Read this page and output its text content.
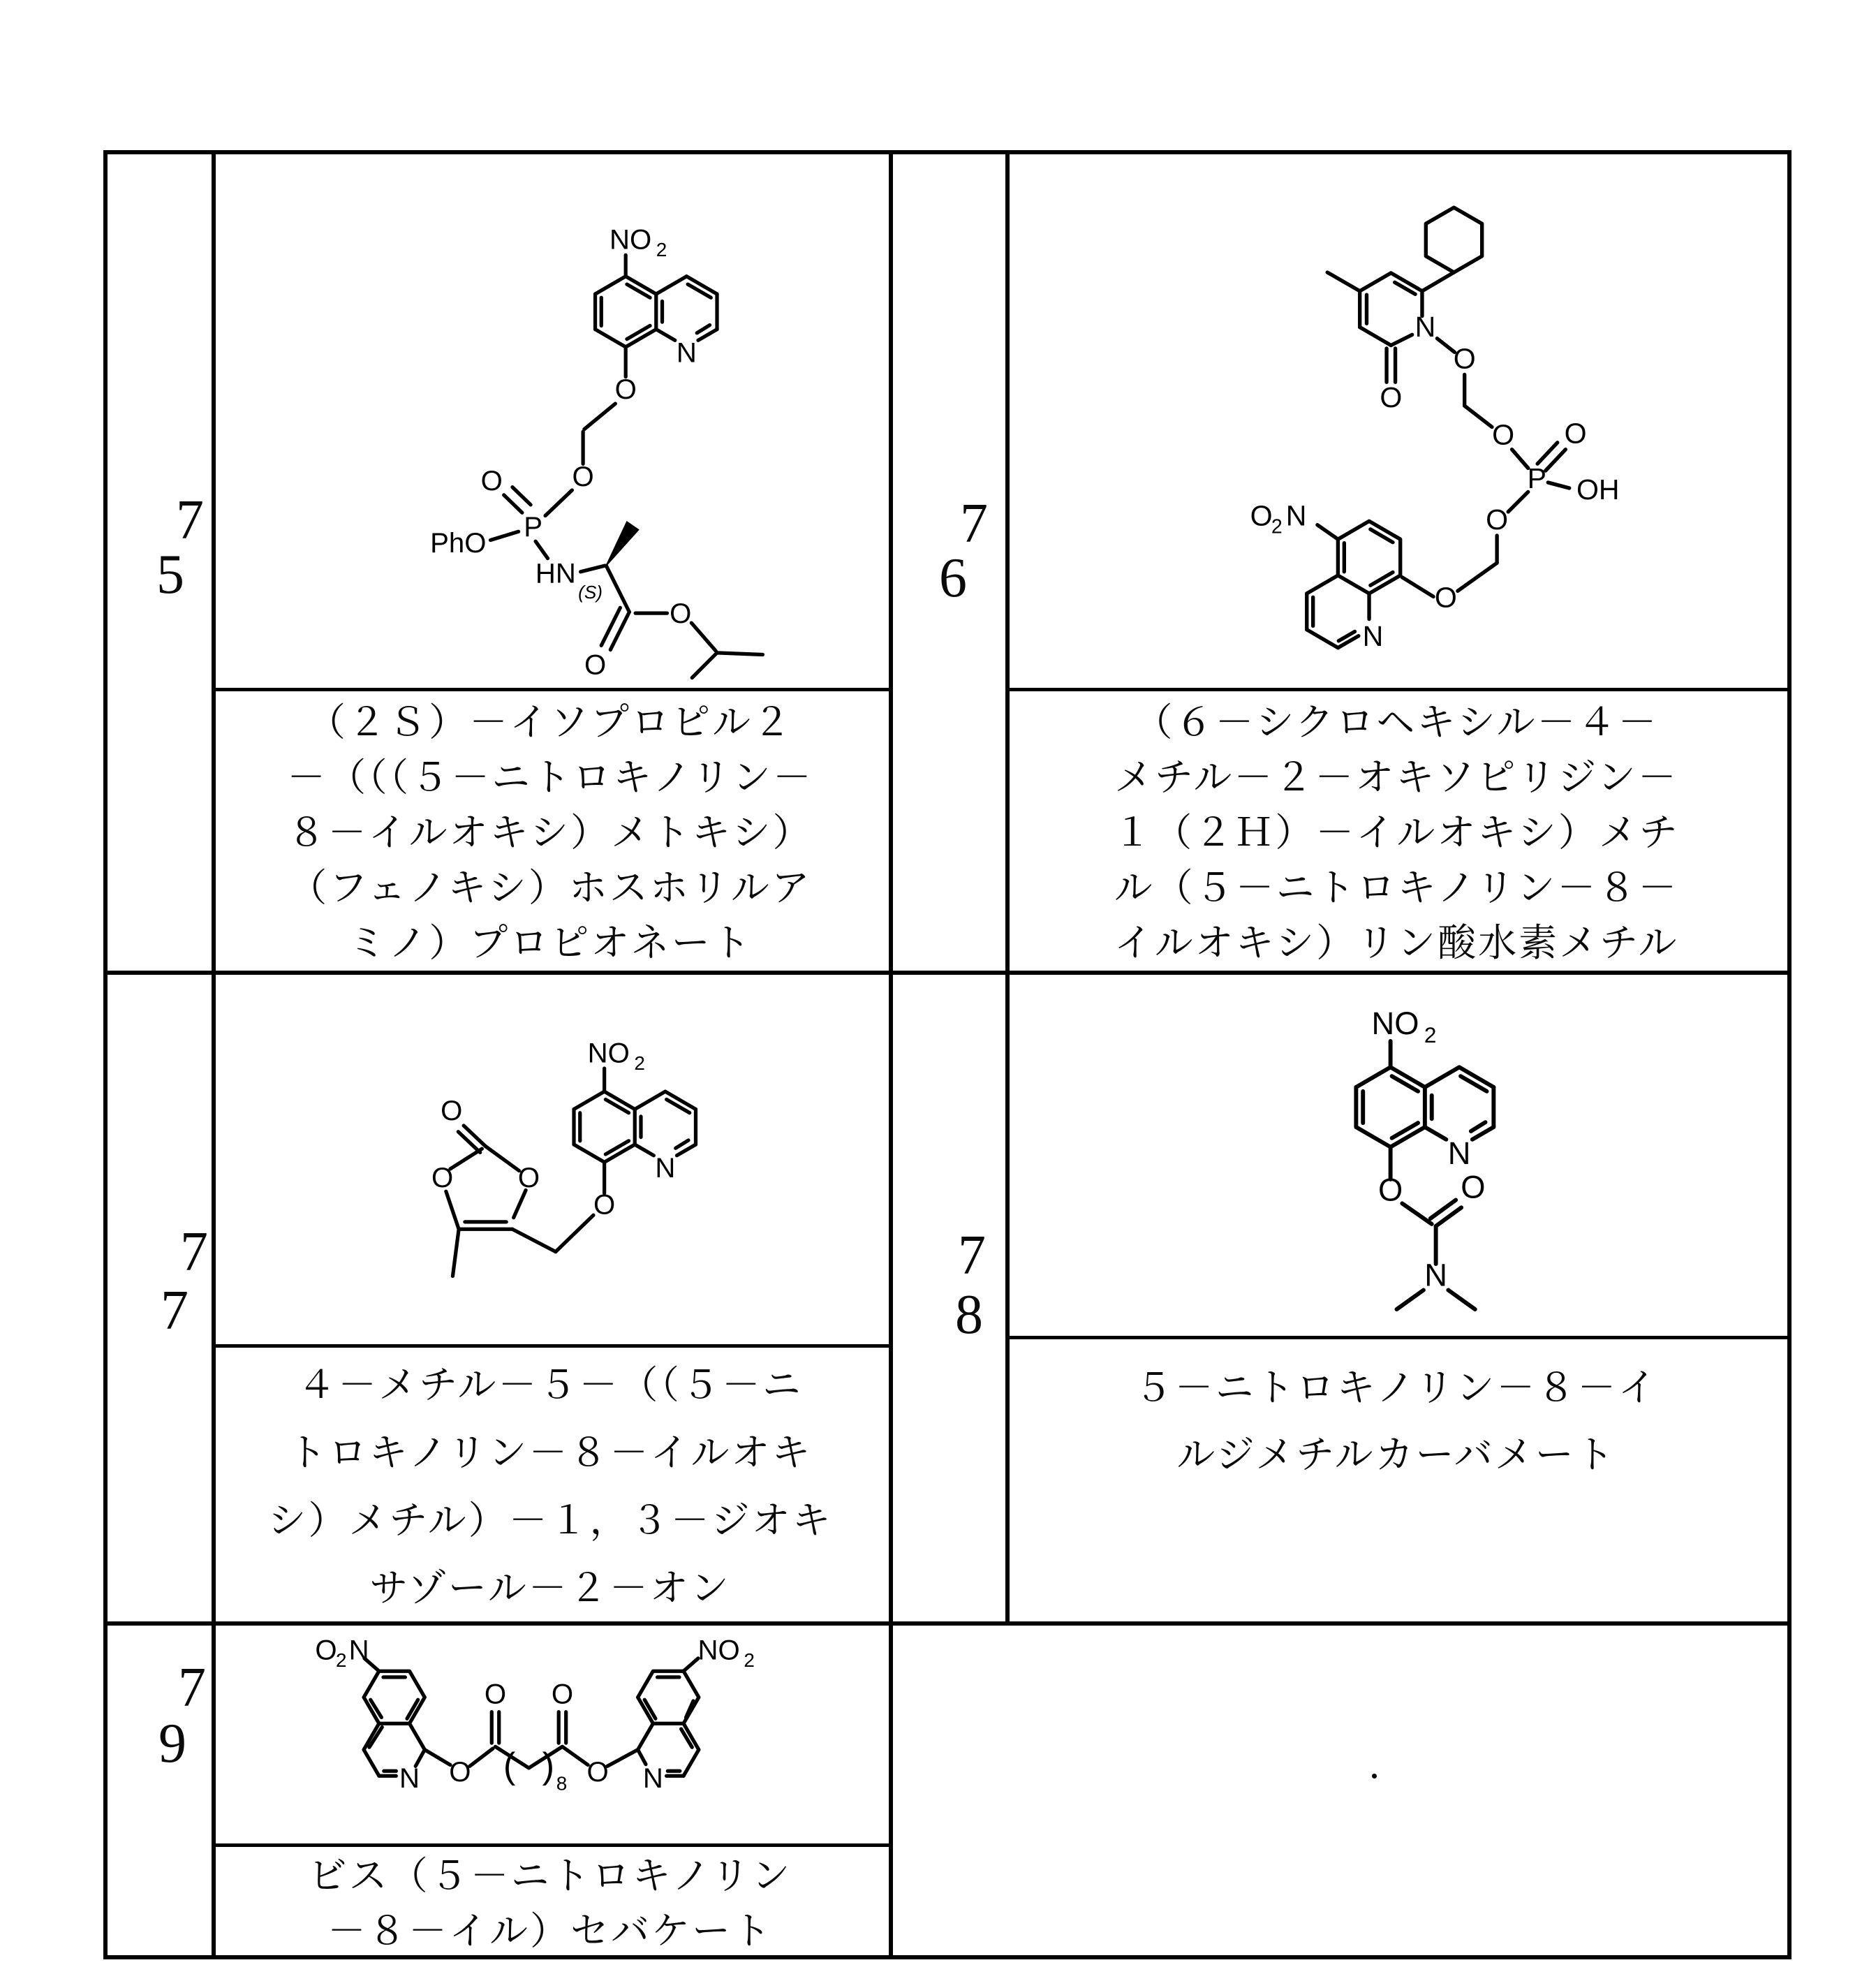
7
5
7
6
7
7
7
8
7
9
NO 2
N
O
O
O
PhO
P
HN
(S)
O
O
N
O
O
O
P
O
OH
O
O
O
2 N
N
O
O
O
O
NO 2
N
NO 2
N
O O
N
O
2 N
N O
O
( ) 8
O
O N
NO 2
（２Ｓ）－イソプロピル２
－（（（５－ニトロキノリン－
８－イルオキシ）メトキシ）
（フェノキシ）ホスホリルア
ミノ）プロピオネート
（６－シクロヘキシル－４－
メチル－２－オキソピリジン－
１（２Ｈ）－イルオキシ）メチ
ル（５－ニトロキノリン－８－
イルオキシ）リン酸水素メチル
４－メチル－５－（（５－ニ
トロキノリン－８－イルオキ
シ）メチル）－１，３－ジオキ
サゾール－２－オン
５－ニトロキノリン－８－イ
ルジメチルカーバメート
ビス（５－ニトロキノリン
－８－イル）セバケート
